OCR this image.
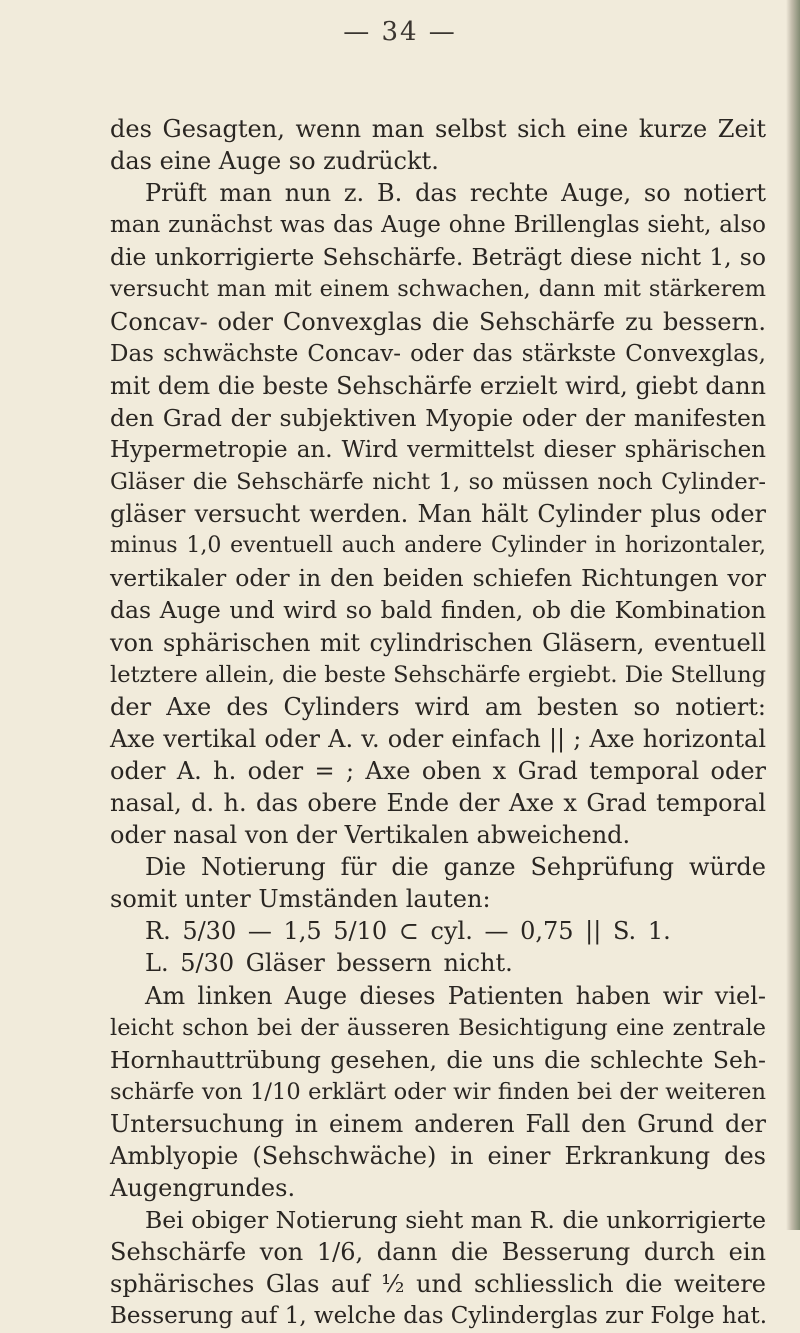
— 34 —
des Gesagten, wenn man selbst sich eine kurze Zeit
das eine Auge so zudrückt.
Prüft man nun z. B. das rechte Auge, so notiert
man zunächst was das Auge ohne Brillenglas sieht, also
die unkorrigierte Sehschärfe. Beträgt diese nicht 1, so
versucht man mit einem schwachen, dann mit stärkerem
Concav- oder Convexglas die Sehschärfe zu bessern.
Das schwächste Concav- oder das stärkste Convexglas,
mit dem die beste Sehschärfe erzielt wird, giebt dann
den Grad der subjektiven Myopie oder der manifesten
Hypermetropie an. Wird vermittelst dieser sphärischen
Gläser die Sehschärfe nicht 1, so müssen noch Cylinder-
gläser versucht werden. Man hält Cylinder plus oder
minus 1,0 eventuell auch andere Cylinder in horizontaler,
vertikaler oder in den beiden schiefen Richtungen vor
das Auge und wird so bald finden, ob die Kombination
von sphärischen mit cylindrischen Gläsern, eventuell
letztere allein, die beste Sehschärfe ergiebt. Die Stellung
der Axe des Cylinders wird am besten so notiert:
Axe vertikal oder A. v. oder einfach || ; Axe horizontal
oder A. h. oder = ; Axe oben x Grad temporal oder
nasal, d. h. das obere Ende der Axe x Grad temporal
oder nasal von der Vertikalen abweichend.
Die Notierung für die ganze Sehprüfung würde
somit unter Umständen lauten:
R. 5/30 — 1,5 5/10 ⊂ cyl. — 0,75 || S. 1.
L. 5/30 Gläser bessern nicht.
Am linken Auge dieses Patienten haben wir viel-
leicht schon bei der äusseren Besichtigung eine zentrale
Hornhauttrübung gesehen, die uns die schlechte Seh-
schärfe von 1/10 erklärt oder wir finden bei der weiteren
Untersuchung in einem anderen Fall den Grund der
Amblyopie (Sehschwäche) in einer Erkrankung des
Augengrundes.
Bei obiger Notierung sieht man R. die unkorrigierte
Sehschärfe von 1/6, dann die Besserung durch ein
sphärisches Glas auf ½ und schliesslich die weitere
Besserung auf 1, welche das Cylinderglas zur Folge hat.
